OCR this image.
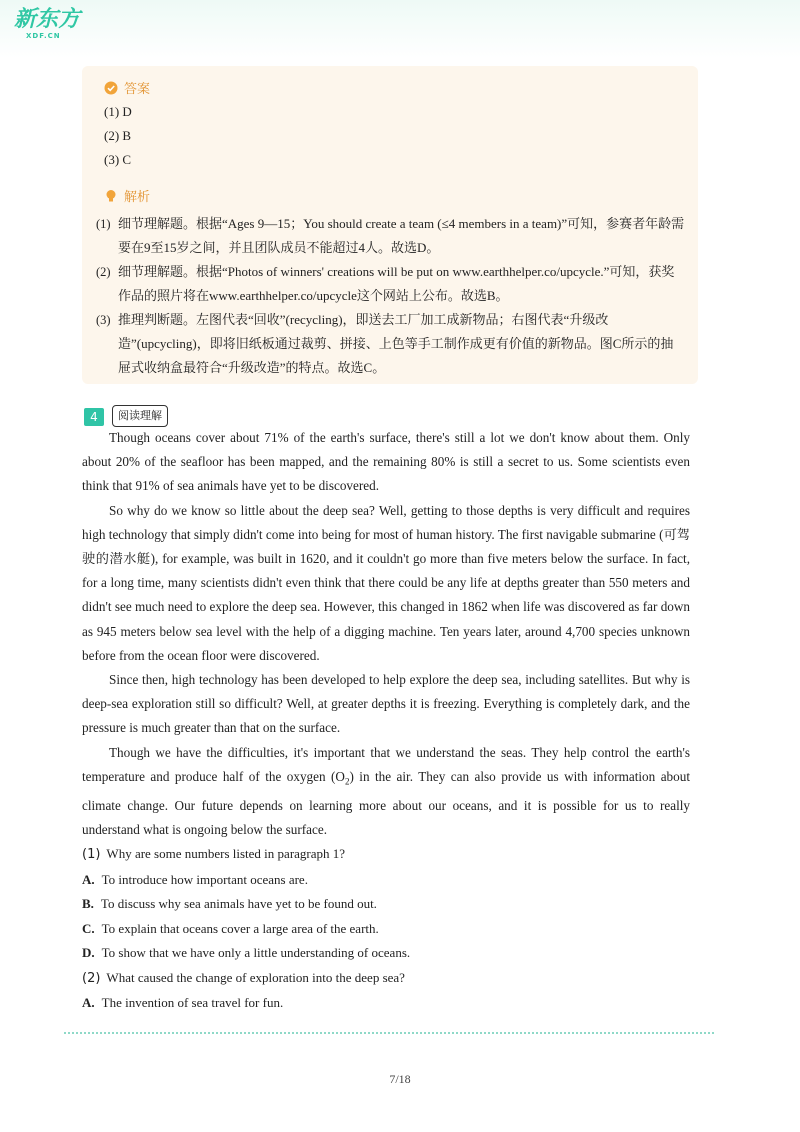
新东方
XDF.CN
答案
(1) D
(2) B
(3) C
解析
(1) 细节理解题。根据“Ages 9—15；You should create a team (≤4 members in a team)”可知，参赛者年龄需要在9至15岁之间，并且团队成员不能超过4人。故选D。
(2) 细节理解题。根据“Photos of winners' creations will be put on www.earthhelper.co/upcycle.”可知，获奖作品的照片将在www.earthhelper.co/upcycle这个网站上公布。故选B。
(3) 推理判断题。左图代表“回收”(recycling)，即送去工厂加工成新物品；右图代表“升级改造”(upcycling)，即将旧纸板通过裁剪、拼接、上色等手工制作成更有价值的新物品。图C所示的抽屉式收纳盒最符合“升级改造”的特点。故选C。
4	阅读理解

Though oceans cover about 71% of the earth's surface, there's still a lot we don't know about them. Only about 20% of the seafloor has been mapped, and the remaining 80% is still a secret to us. Some scientists even think that 91% of sea animals have yet to be discovered.

So why do we know so little about the deep sea? Well, getting to those depths is very difficult and requires high technology that simply didn't come into being for most of human history. The first navigable submarine (可驾驶的潜水艇), for example, was built in 1620, and it couldn't go more than five meters below the surface. In fact, for a long time, many scientists didn't even think that there could be any life at depths greater than 550 meters and didn't see much need to explore the deep sea. However, this changed in 1862 when life was discovered as far down as 945 meters below sea level with the help of a digging machine. Ten years later, around 4,700 species unknown before from the ocean floor were discovered.

Since then, high technology has been developed to help explore the deep sea, including satellites. But why is deep-sea exploration still so difficult? Well, at greater depths it is freezing. Everything is completely dark, and the pressure is much greater than that on the surface.

Though we have the difficulties, it's important that we understand the seas. They help control the earth's temperature and produce half of the oxygen $(O_2)$ in the air. They can also provide us with information about climate change. Our future depends on learning more about our oceans, and it is possible for us to really understand what is ongoing below the surface.

(1) Why are some numbers listed in paragraph 1?
A. To introduce how important oceans are.
B. To discuss why sea animals have yet to be found out.
C. To explain that oceans cover a large area of the earth.
D. To show that we have only a little understanding of oceans.
(2) What caused the change of exploration into the deep sea?
A. The invention of sea travel for fun.
7/18
